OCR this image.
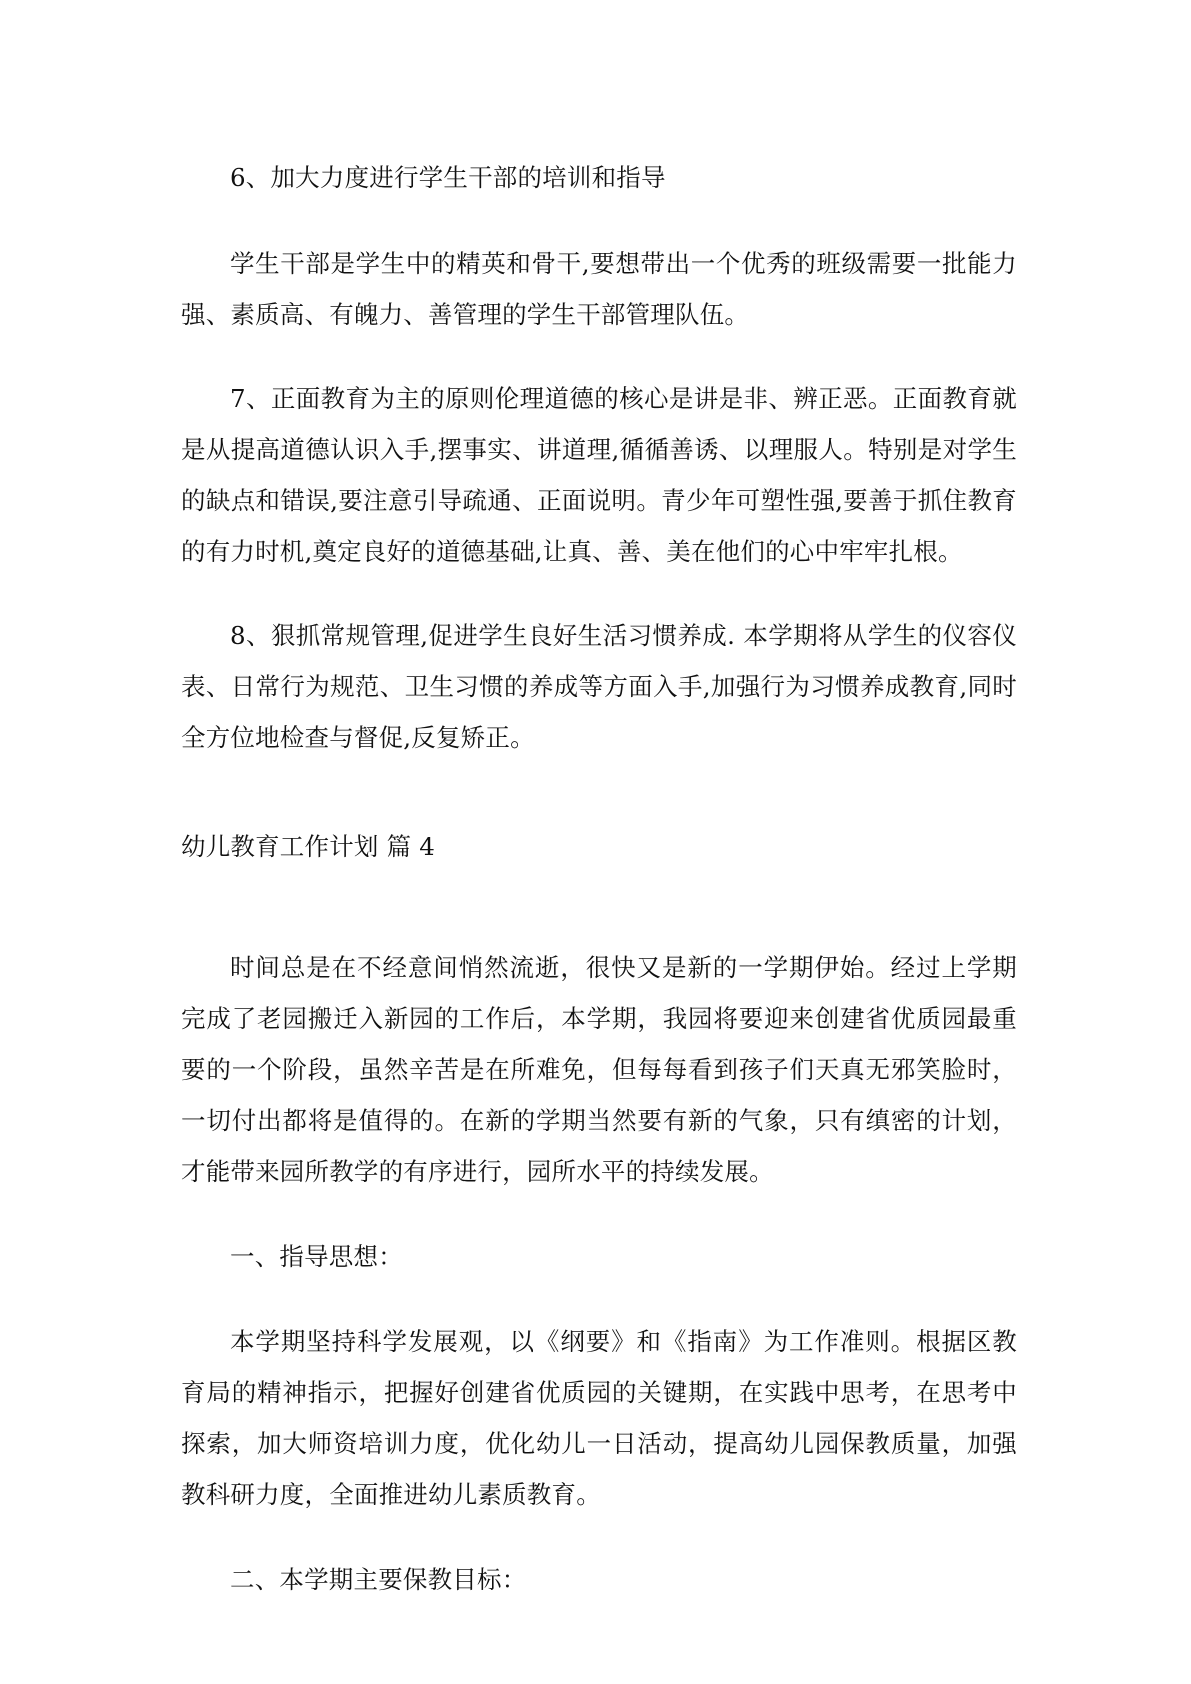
6、加大力度进行学生干部的培训和指导

学生干部是学生中的精英和骨干,要想带出一个优秀的班级需要一批能力强、素质高、有魄力、善管理的学生干部管理队伍。

7、正面教育为主的原则伦理道德的核心是讲是非、辨正恶。正面教育就是从提高道德认识入手,摆事实、讲道理,循循善诱、以理服人。特别是对学生的缺点和错误,要注意引导疏通、正面说明。青少年可塑性强,要善于抓住教育的有力时机,奠定良好的道德基础,让真、善、美在他们的心中牢牢扎根。

8、狠抓常规管理,促进学生良好生活习惯养成. 本学期将从学生的仪容仪表、日常行为规范、卫生习惯的养成等方面入手,加强行为习惯养成教育,同时全方位地检查与督促,反复矫正。

幼儿教育工作计划 篇 4

时间总是在不经意间悄然流逝，很快又是新的一学期伊始。经过上学期完成了老园搬迁入新园的工作后，本学期，我园将要迎来创建省优质园最重要的一个阶段，虽然辛苦是在所难免，但每每看到孩子们天真无邪笑脸时，一切付出都将是值得的。在新的学期当然要有新的气象，只有缜密的计划，才能带来园所教学的有序进行，园所水平的持续发展。

一、指导思想：

本学期坚持科学发展观，以《纲要》和《指南》为工作准则。根据区教育局的精神指示，把握好创建省优质园的关键期，在实践中思考，在思考中探索，加大师资培训力度，优化幼儿一日活动，提高幼儿园保教质量，加强教科研力度，全面推进幼儿素质教育。

二、本学期主要保教目标：
